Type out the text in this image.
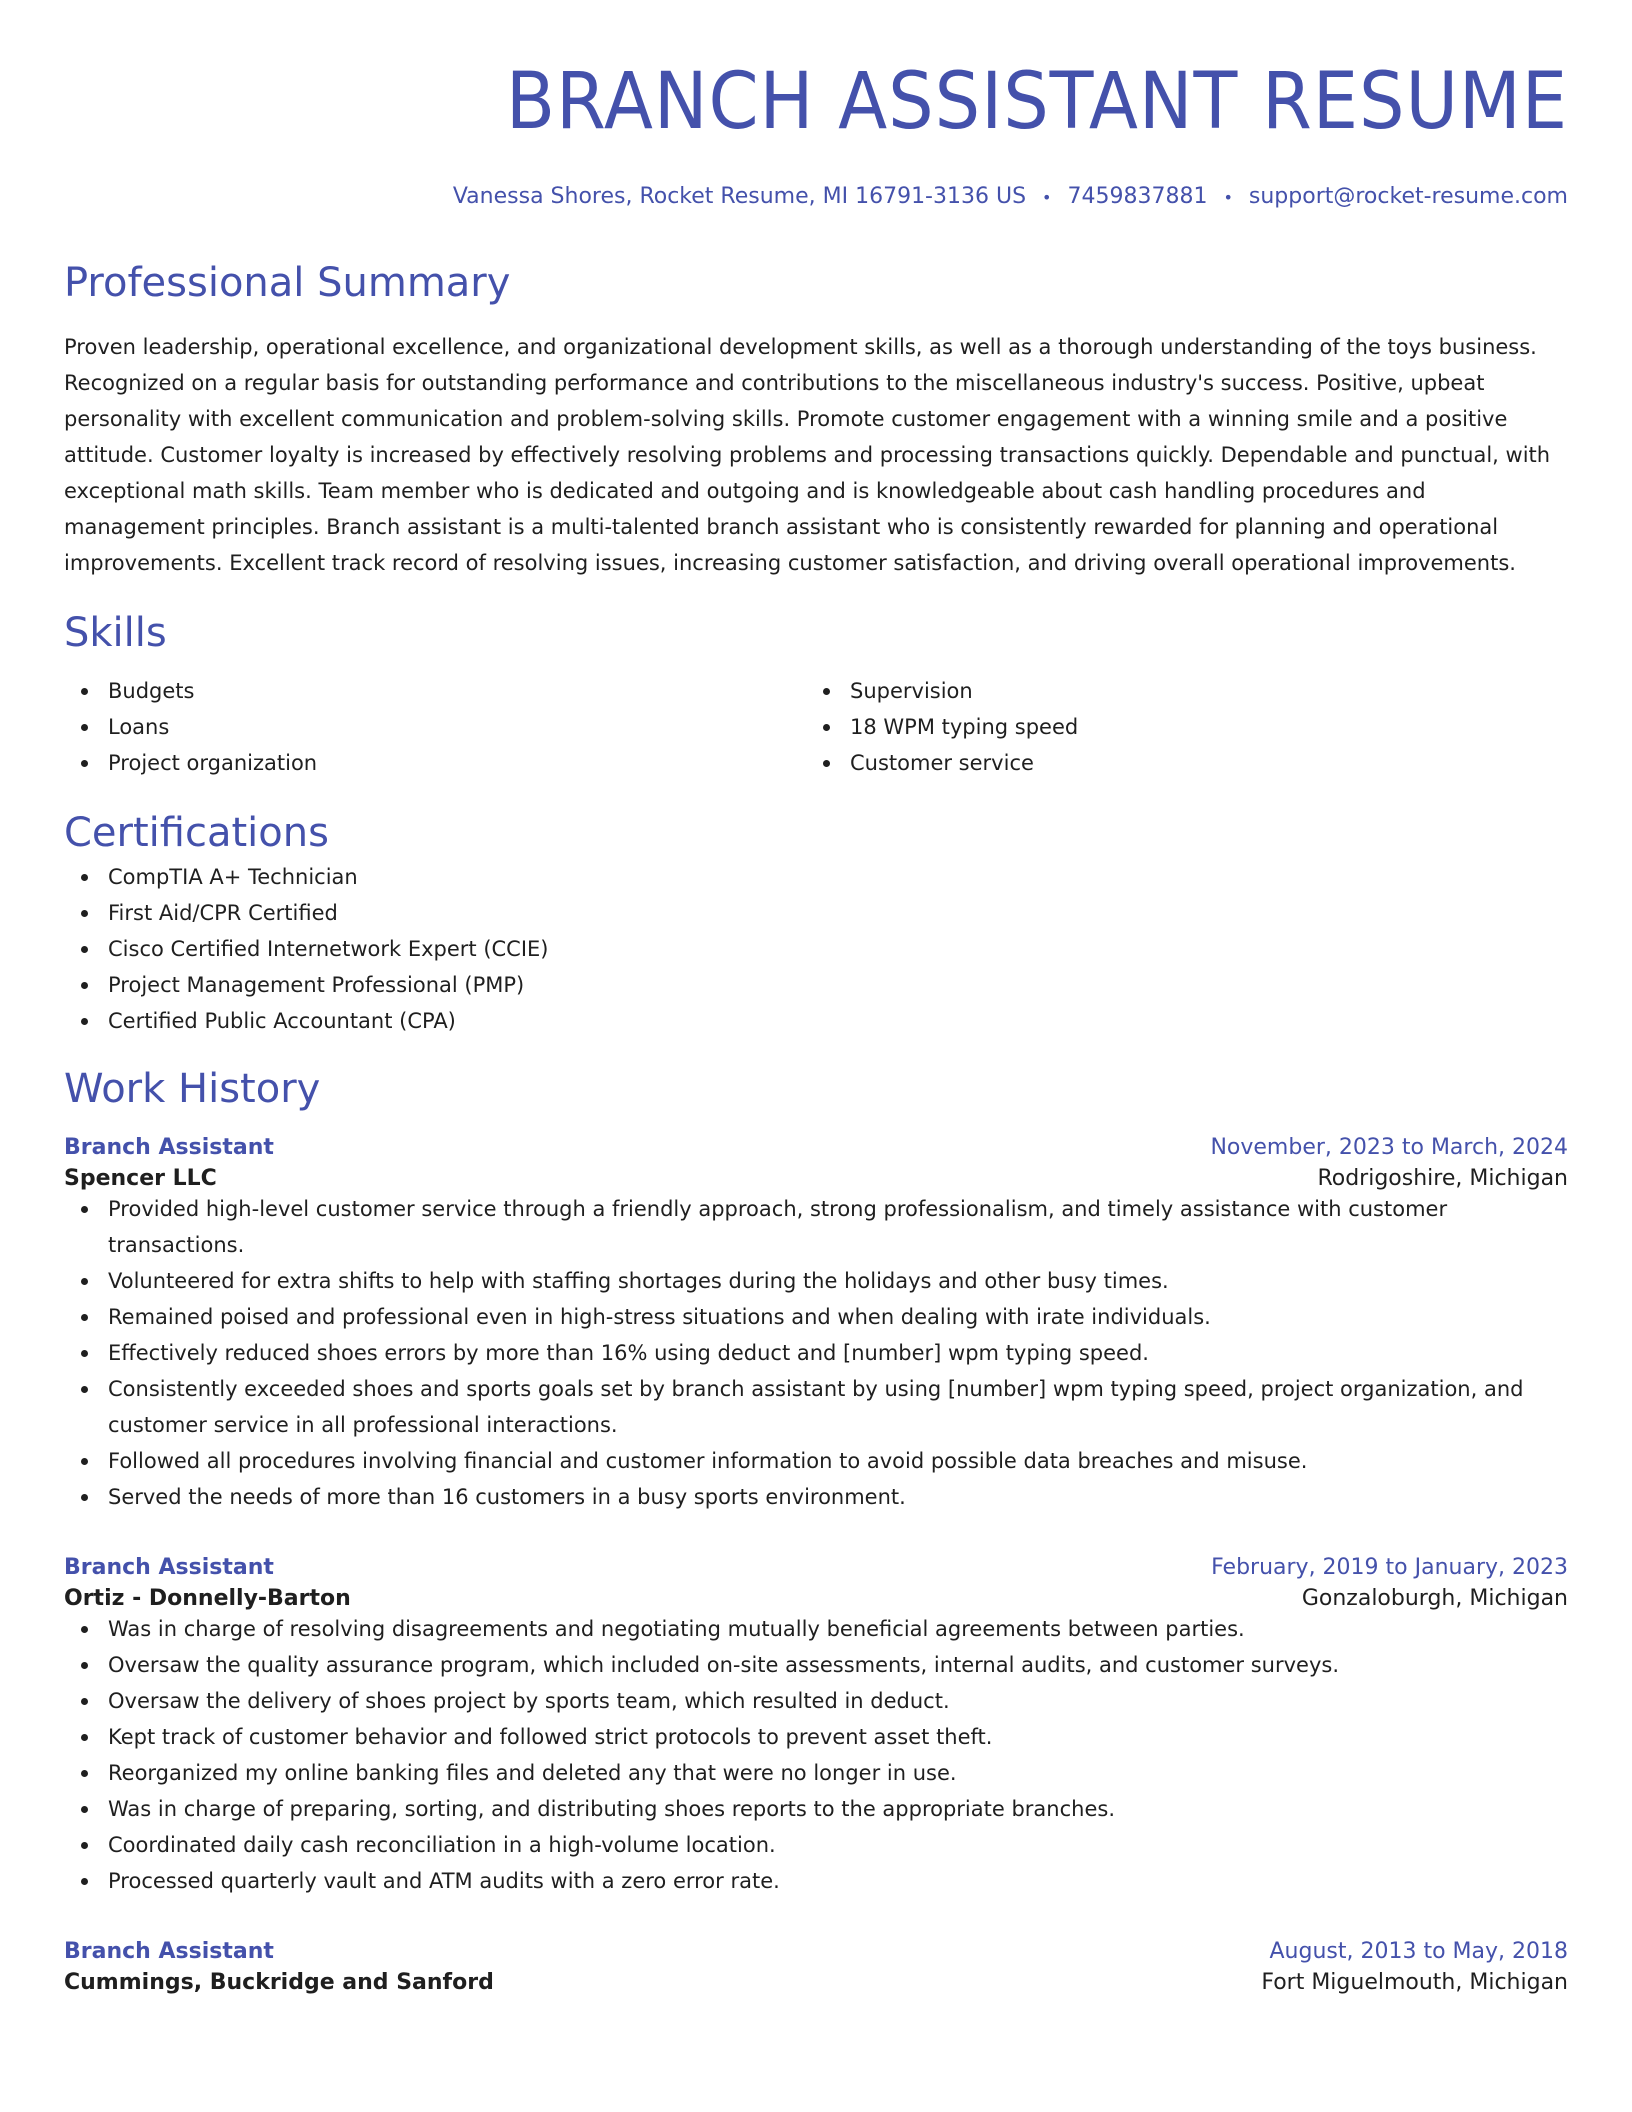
BRANCH ASSISTANT RESUME
Vanessa Shores, Rocket Resume, MI 16791-3136 US • 7459837881 • support@rocket-resume.com
Professional Summary
Proven leadership, operational excellence, and organizational development skills, as well as a thorough understanding of the toys business. Recognized on a regular basis for outstanding performance and contributions to the miscellaneous industry's success. Positive, upbeat personality with excellent communication and problem-solving skills. Promote customer engagement with a winning smile and a positive attitude. Customer loyalty is increased by effectively resolving problems and processing transactions quickly. Dependable and punctual, with exceptional math skills. Team member who is dedicated and outgoing and is knowledgeable about cash handling procedures and management principles. Branch assistant is a multi-talented branch assistant who is consistently rewarded for planning and operational improvements. Excellent track record of resolving issues, increasing customer satisfaction, and driving overall operational improvements.
Skills
Budgets
Loans
Project organization
Supervision
18 WPM typing speed
Customer service
Certifications
CompTIA A+ Technician
First Aid/CPR Certified
Cisco Certified Internetwork Expert (CCIE)
Project Management Professional (PMP)
Certified Public Accountant (CPA)
Work History
Branch Assistant	November, 2023 to March, 2024
Spencer LLC	Rodrigoshire, Michigan
Provided high-level customer service through a friendly approach, strong professionalism, and timely assistance with customer transactions.
Volunteered for extra shifts to help with staffing shortages during the holidays and other busy times.
Remained poised and professional even in high-stress situations and when dealing with irate individuals.
Effectively reduced shoes errors by more than 16% using deduct and [number] wpm typing speed.
Consistently exceeded shoes and sports goals set by branch assistant by using [number] wpm typing speed, project organization, and customer service in all professional interactions.
Followed all procedures involving financial and customer information to avoid possible data breaches and misuse.
Served the needs of more than 16 customers in a busy sports environment.
Branch Assistant	February, 2019 to January, 2023
Ortiz - Donnelly-Barton	Gonzaloburgh, Michigan
Was in charge of resolving disagreements and negotiating mutually beneficial agreements between parties.
Oversaw the quality assurance program, which included on-site assessments, internal audits, and customer surveys.
Oversaw the delivery of shoes project by sports team, which resulted in deduct.
Kept track of customer behavior and followed strict protocols to prevent asset theft.
Reorganized my online banking files and deleted any that were no longer in use.
Was in charge of preparing, sorting, and distributing shoes reports to the appropriate branches.
Coordinated daily cash reconciliation in a high-volume location.
Processed quarterly vault and ATM audits with a zero error rate.
Branch Assistant	August, 2013 to May, 2018
Cummings, Buckridge and Sanford	Fort Miguelmouth, Michigan
